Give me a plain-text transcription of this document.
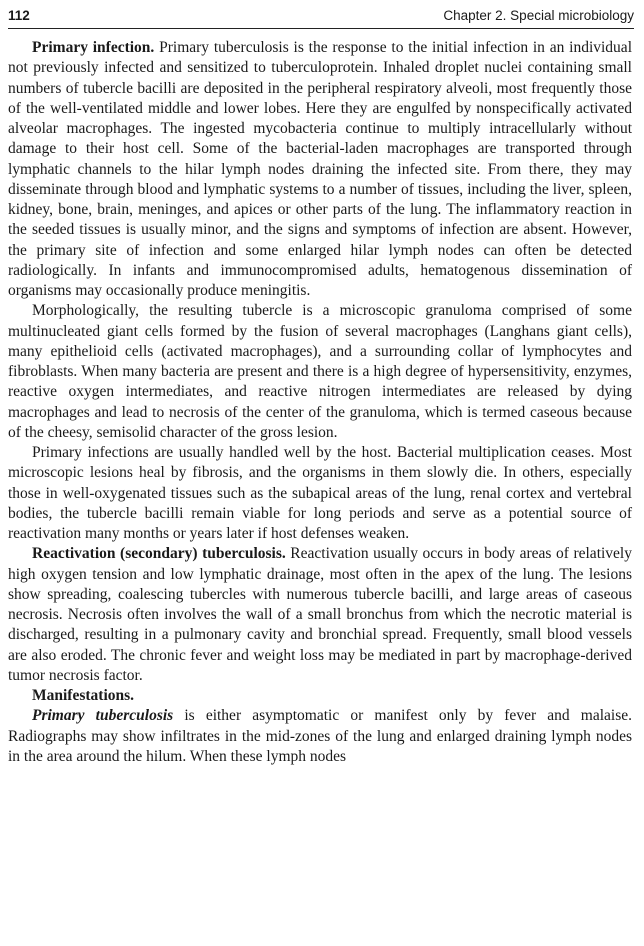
112	Chapter 2. Special microbiology

Primary infection. Primary tuberculosis is the response to the initial infection in an individual not previously infected and sensitized to tuberculoprotein. Inhaled droplet nuclei containing small numbers of tubercle bacilli are deposited in the peripheral respiratory alveoli, most frequently those of the well-ventilated middle and lower lobes. Here they are engulfed by nonspecifically activated alveolar macrophages. The ingested mycobacteria continue to multiply intracellularly without damage to their host cell. Some of the bacterial-laden macrophages are transported through lymphatic channels to the hilar lymph nodes draining the infected site. From there, they may disseminate through blood and lymphatic systems to a number of tissues, including the liver, spleen, kidney, bone, brain, meninges, and apices or other parts of the lung. The inflammatory reaction in the seeded tissues is usually minor, and the signs and symptoms of infection are absent. However, the primary site of infection and some enlarged hilar lymph nodes can often be detected radiologically. In infants and immunocompromised adults, hematogenous dissemination of organisms may occasionally produce meningitis.

Morphologically, the resulting tubercle is a microscopic granuloma comprised of some multinucleated giant cells formed by the fusion of several macrophages (Langhans giant cells), many epithelioid cells (activated macrophages), and a surrounding collar of lymphocytes and fibroblasts. When many bacteria are present and there is a high degree of hypersensitivity, enzymes, reactive oxygen intermediates, and reactive nitrogen intermediates are released by dying macrophages and lead to necrosis of the center of the granuloma, which is termed caseous because of the cheesy, semisolid character of the gross lesion.

Primary infections are usually handled well by the host. Bacterial multiplication ceases. Most microscopic lesions heal by fibrosis, and the organisms in them slowly die. In others, especially those in well-oxygenated tissues such as the subapical areas of the lung, renal cortex and vertebral bodies, the tubercle bacilli remain viable for long periods and serve as a potential source of reactivation many months or years later if host defenses weaken.

Reactivation (secondary) tuberculosis. Reactivation usually occurs in body areas of relatively high oxygen tension and low lymphatic drainage, most often in the apex of the lung. The lesions show spreading, coalescing tubercles with numerous tubercle bacilli, and large areas of caseous necrosis. Necrosis often involves the wall of a small bronchus from which the necrotic material is discharged, resulting in a pulmonary cavity and bronchial spread. Frequently, small blood vessels are also eroded. The chronic fever and weight loss may be mediated in part by macrophage-derived tumor necrosis factor.

Manifestations.

Primary tuberculosis is either asymptomatic or manifest only by fever and malaise. Radiographs may show infiltrates in the mid-zones of the lung and enlarged draining lymph nodes in the area around the hilum. When these lymph nodes
